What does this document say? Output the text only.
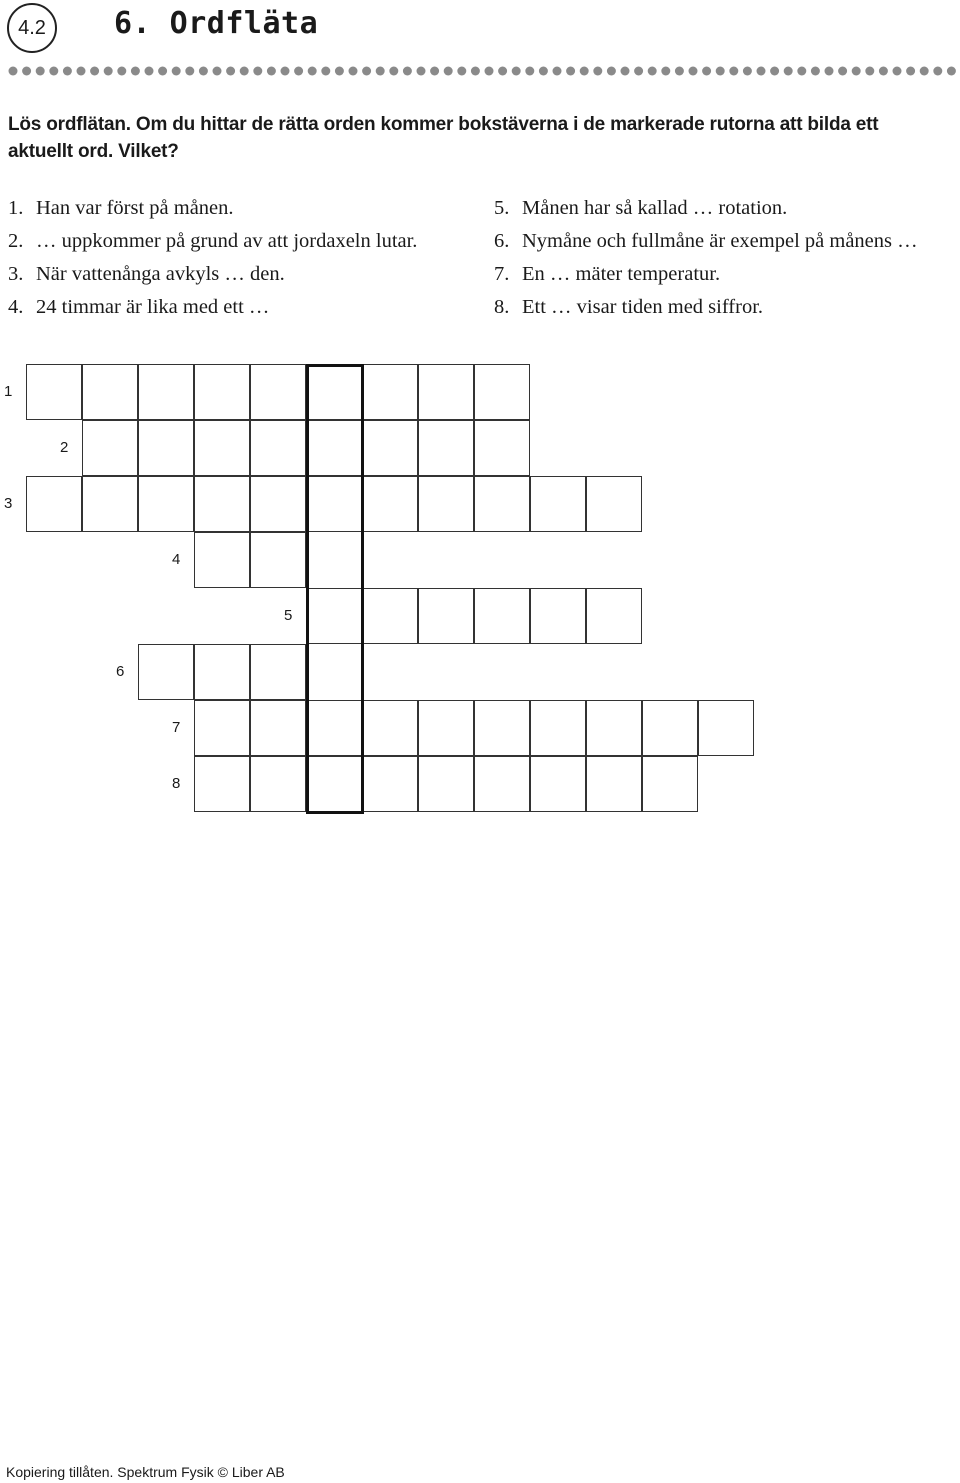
4.2	6. Ordfläta
Lös ordflätan. Om du hittar de rätta orden kommer bokstäverna i de markerade rutorna att bilda ett aktuellt ord. Vilket?
1. Han var först på månen.
2. … uppkommer på grund av att jordaxeln lutar.
3. När vattenånga avkyls … den.
4. 24 timmar är lika med ett …
5. Månen har så kallad … rotation.
6. Nymåne och fullmåne är exempel på månens …
7. En … mäter temperatur.
8. Ett … visar tiden med siffror.
1
2
3
4
5
6
7
8
Kopiering tillåten. Spektrum Fysik © Liber AB
